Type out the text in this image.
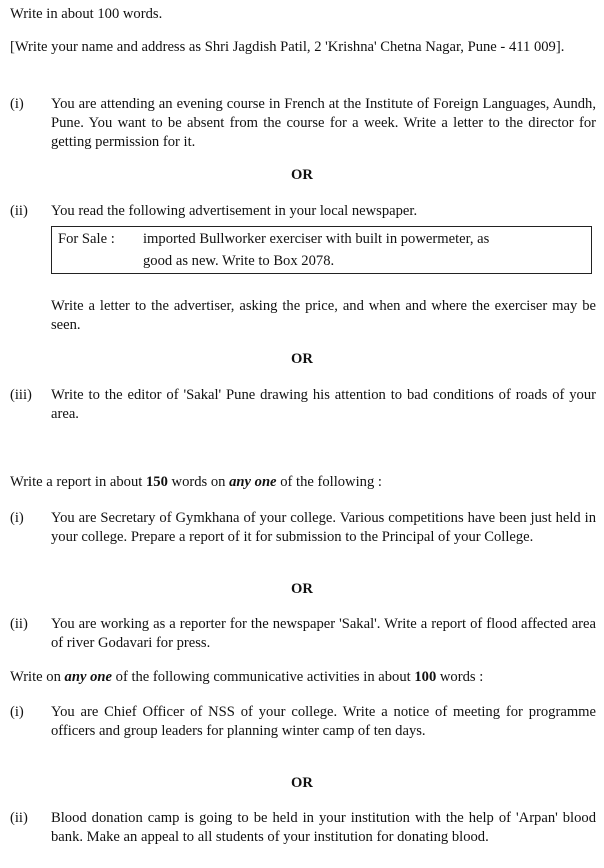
Write in about 100 words.
[Write your name and address as Shri Jagdish Patil, 2 'Krishna' Chetna Nagar, Pune - 411 009].
(i)	You are attending an evening course in French at the Institute of Foreign Languages, Aundh, Pune. You want to be absent from the course for a week. Write a letter to the director for getting permission for it.
OR
(ii)	You read the following advertisement in your local newspaper.
For Sale : imported Bullworker exerciser with built in powermeter, as
good as new. Write to Box 2078.
Write a letter to the advertiser, asking the price, and when and where the exerciser may be seen.
OR
(iii)	Write to the editor of 'Sakal' Pune drawing his attention to bad conditions of roads of your area.
Write a report in about 150 words on any one of the following :
(i)	You are Secretary of Gymkhana of your college. Various competitions have been just held in your college. Prepare a report of it for submission to the Principal of your College.
OR
(ii)	You are working as a reporter for the newspaper 'Sakal'. Write a report of flood affected area of river Godavari for press.
Write on any one of the following communicative activities in about 100 words :
(i)	You are Chief Officer of NSS of your college. Write a notice of meeting for programme officers and group leaders for planning winter camp of ten days.
OR
(ii)	Blood donation camp is going to be held in your institution with the help of 'Arpan' blood bank. Make an appeal to all students of your institution for donating blood.
